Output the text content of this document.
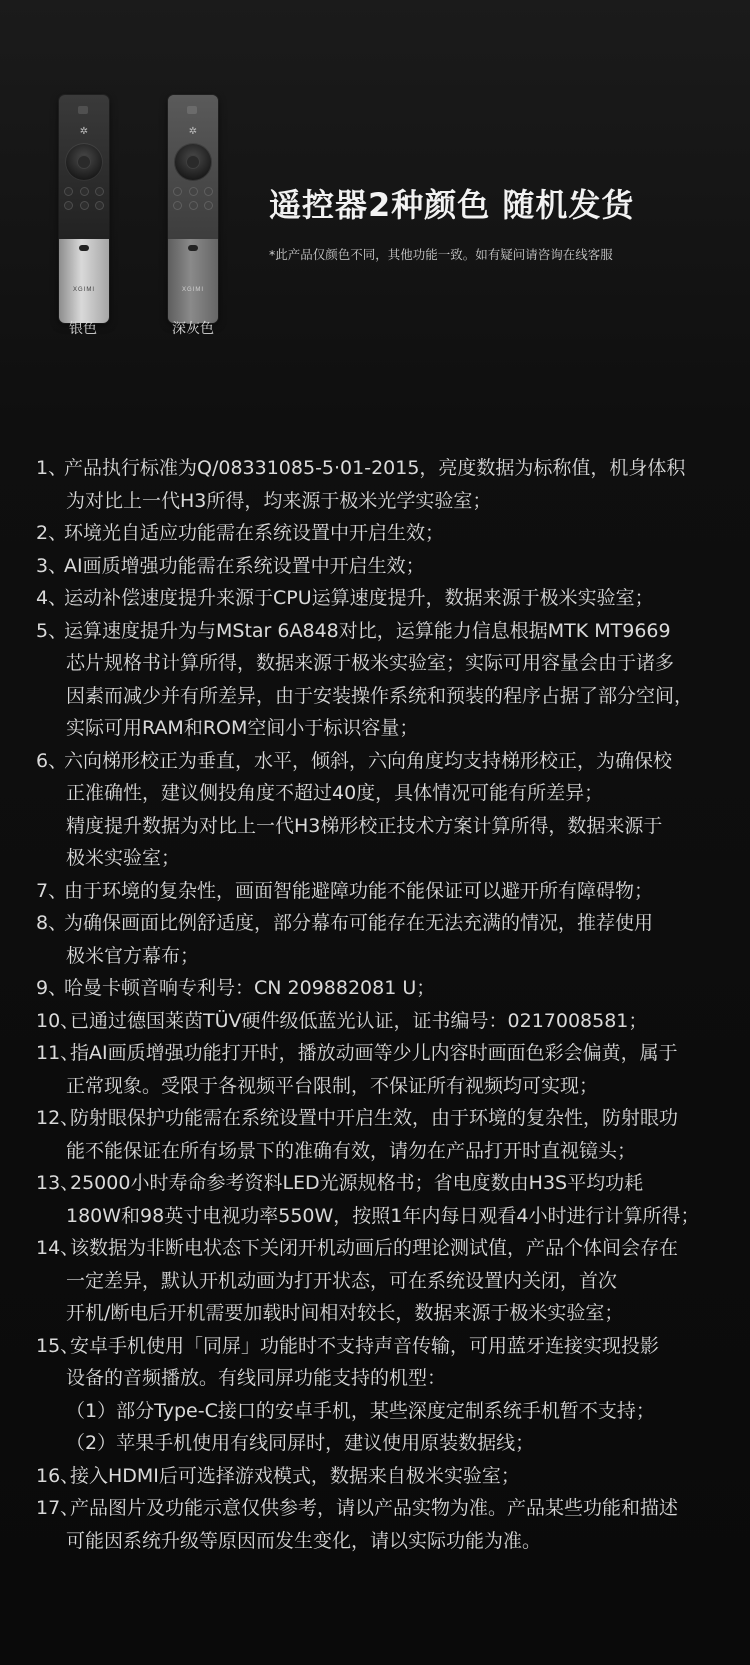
✲
XGIMI
✲
XGIMI
银色	深灰色
遥控器2种颜色 随机发货
*此产品仅颜色不同，其他功能一致。如有疑问请咨询在线客服
1、
产品执行标准为Q/08331085-5·01-2015，亮度数据为标称值，机身体积
为对比上一代H3所得，均来源于极米光学实验室；
2、
环境光自适应功能需在系统设置中开启生效；
3、
AI画质增强功能需在系统设置中开启生效；
4、
运动补偿速度提升来源于CPU运算速度提升，数据来源于极米实验室；
5、
运算速度提升为与MStar 6A848对比，运算能力信息根据MTK MT9669
芯片规格书计算所得，数据来源于极米实验室；实际可用容量会由于诸多
因素而减少并有所差异，由于安装操作系统和预装的程序占据了部分空间，
实际可用RAM和ROM空间小于标识容量；
6、
六向梯形校正为垂直，水平，倾斜，六向角度均支持梯形校正，为确保校
正准确性，建议侧投角度不超过40度，具体情况可能有所差异；
精度提升数据为对比上一代H3梯形校正技术方案计算所得，数据来源于
极米实验室；
7、
由于环境的复杂性，画面智能避障功能不能保证可以避开所有障碍物；
8、
为确保画面比例舒适度，部分幕布可能存在无法充满的情况，推荐使用
极米官方幕布；
9、
哈曼卡顿音响专利号：CN 209882081 U；
10、
已通过德国莱茵TÜV硬件级低蓝光认证，证书编号：0217008581；
11、
指AI画质增强功能打开时，播放动画等少儿内容时画面色彩会偏黄，属于
正常现象。受限于各视频平台限制，不保证所有视频均可实现；
12、
防射眼保护功能需在系统设置中开启生效，由于环境的复杂性，防射眼功
能不能保证在所有场景下的准确有效，请勿在产品打开时直视镜头；
13、
25000小时寿命参考资料LED光源规格书；省电度数由H3S平均功耗
180W和98英寸电视功率550W，按照1年内每日观看4小时进行计算所得；
14、
该数据为非断电状态下关闭开机动画后的理论测试值，产品个体间会存在
一定差异，默认开机动画为打开状态，可在系统设置内关闭，首次
开机/断电后开机需要加载时间相对较长，数据来源于极米实验室；
15、
安卓手机使用「同屏」功能时不支持声音传输，可用蓝牙连接实现投影
设备的音频播放。有线同屏功能支持的机型：
（1）部分Type-C接口的安卓手机，某些深度定制系统手机暂不支持；
（2）苹果手机使用有线同屏时，建议使用原装数据线；
16、
接入HDMI后可选择游戏模式，数据来自极米实验室；
17、
产品图片及功能示意仅供参考，请以产品实物为准。产品某些功能和描述
可能因系统升级等原因而发生变化，请以实际功能为准。
